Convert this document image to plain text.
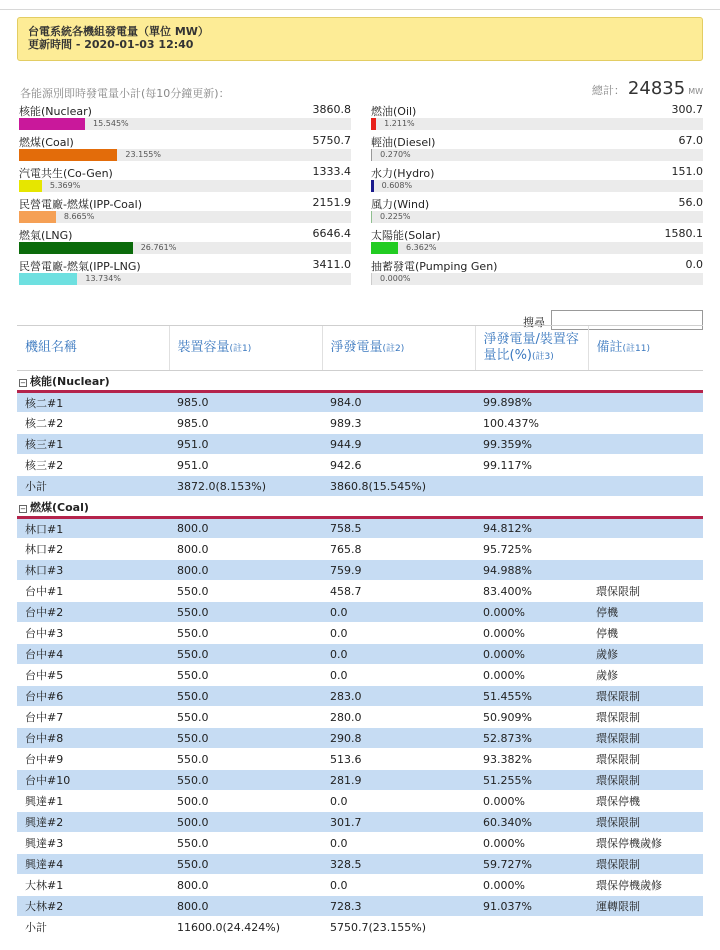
台電系統各機組發電量（單位 MW）
更新時間 - 2020-01-03 12:40
各能源別即時發電量小計(每10分鐘更新)：	總計： 24835 MW
核能(Nuclear)	3860.8
15.545%
燃煤(Coal)	5750.7
23.155%
汽電共生(Co-Gen)	1333.4
5.369%
民營電廠-燃煤(IPP-Coal)	2151.9
8.665%
燃氣(LNG)	6646.4
26.761%
民營電廠-燃氣(IPP-LNG)	3411.0
13.734%
燃油(Oil)	300.7
1.211%
輕油(Diesel)	67.0
0.270%
水力(Hydro)	151.0
0.608%
風力(Wind)	56.0
0.225%
太陽能(Solar)	1580.1
6.362%
抽蓄發電(Pumping Gen)	0.0
0.000%
搜尋
機組名稱	裝置容量(註1)	淨發電量(註2)	淨發電量/裝置容量比(%)(註3)	備註(註11)
− 核能(Nuclear)				
核二#1	985.0	984.0	99.898%	
核二#2	985.0	989.3	100.437%	
核三#1	951.0	944.9	99.359%	
核三#2	951.0	942.6	99.117%	
小計	3872.0(8.153%)	3860.8(15.545%)		
− 燃煤(Coal)				
林口#1	800.0	758.5	94.812%	
林口#2	800.0	765.8	95.725%	
林口#3	800.0	759.9	94.988%	
台中#1	550.0	458.7	83.400%	環保限制
台中#2	550.0	0.0	0.000%	停機
台中#3	550.0	0.0	0.000%	停機
台中#4	550.0	0.0	0.000%	歲修
台中#5	550.0	0.0	0.000%	歲修
台中#6	550.0	283.0	51.455%	環保限制
台中#7	550.0	280.0	50.909%	環保限制
台中#8	550.0	290.8	52.873%	環保限制
台中#9	550.0	513.6	93.382%	環保限制
台中#10	550.0	281.9	51.255%	環保限制
興達#1	500.0	0.0	0.000%	環保停機
興達#2	500.0	301.7	60.340%	環保限制
興達#3	550.0	0.0	0.000%	環保停機歲修
興達#4	550.0	328.5	59.727%	環保限制
大林#1	800.0	0.0	0.000%	環保停機歲修
大林#2	800.0	728.3	91.037%	運轉限制
小計	11600.0(24.424%)	5750.7(23.155%)		
